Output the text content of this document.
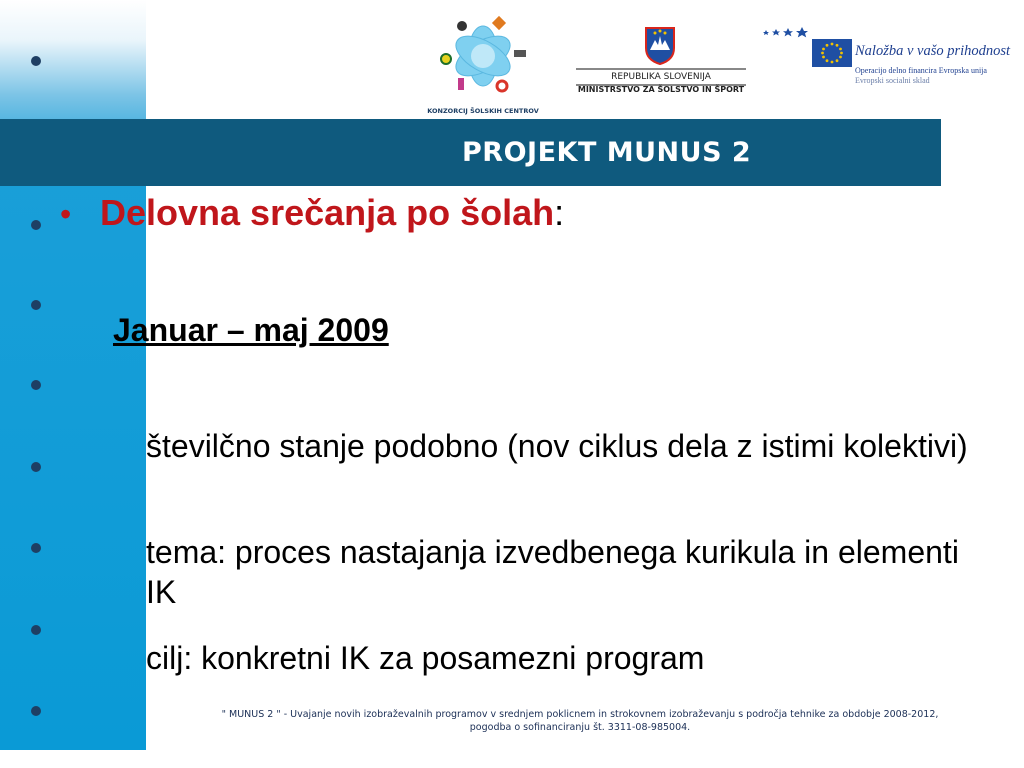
KONZORCIJ ŠOLSKIH CENTROV
REPUBLIKA SLOVENIJA
MINISTRSTVO ZA ŠOLSTVO IN ŠPORT
Naložba v vašo prihodnost
Operacijo delno financira Evropska unija
Evropski socialni sklad
PROJEKT MUNUS 2
• Delovna srečanja po šolah:
Januar – maj 2009
številčno stanje podobno (nov ciklus dela z istimi kolektivi)
tema: proces nastajanja izvedbenega kurikula in elementi IK
cilj: konkretni IK za posamezni program
" MUNUS 2 " - Uvajanje novih izobraževalnih programov v srednjem poklicnem in strokovnem izobraževanju s področja tehnike za obdobje 2008-2012,
pogodba o sofinanciranju št. 3311-08-985004.
